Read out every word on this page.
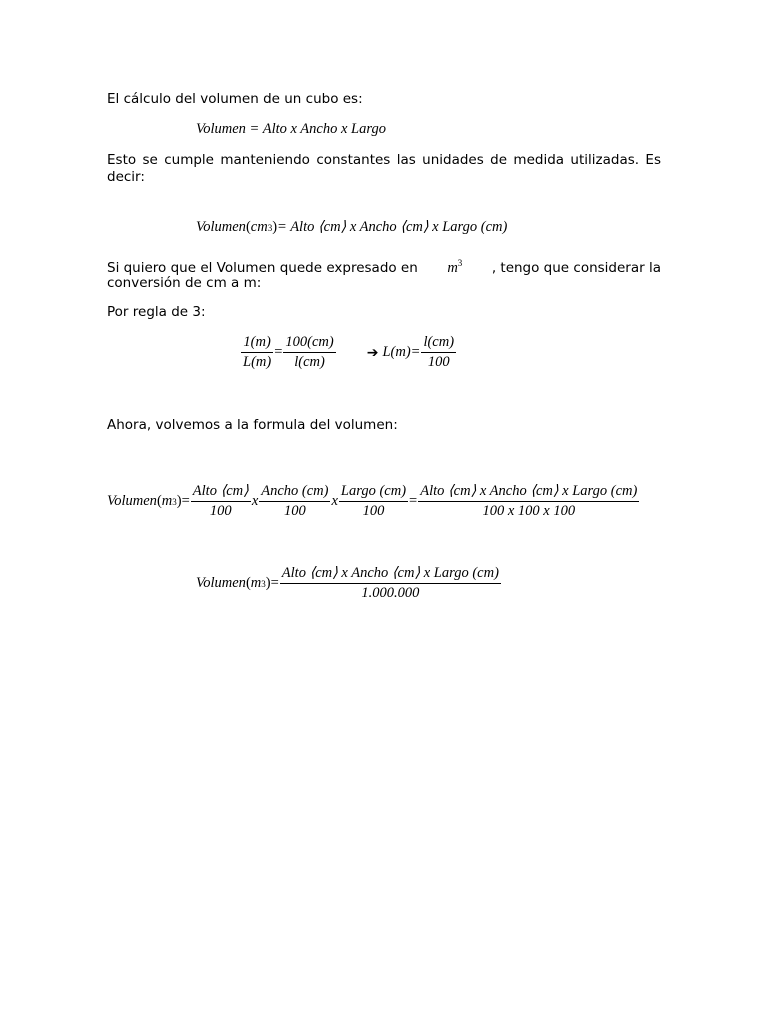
El cálculo del volumen de un cubo es:
Volumen = Alto x Ancho x Largo
Esto se cumple manteniendo constantes las unidades de medida utilizadas. Es
decir:
Volumen ( cm 3 ) = Alto ⟨cm⟩ x Ancho ⟨cm⟩ x Largo (cm)
Si quiero que el Volumen quede expresado en $m^3$ , tengo que considerar la
conversión de cm a m:
Por regla de 3:
$\frac{1(m)}{L(m)} = \frac{100(cm)}{l(cm)}$ ➔ $L(m)= \frac{l(cm)}{100}$
Ahora, volvemos a la formula del volumen:
Volumen ( m 3 ) = $\frac{\text{Alto ⟨cm⟩}}{100}$ x $\frac{\text{Ancho (cm)}}{100}$ x $\frac{\text{Largo (cm)}}{100} = \frac{\text{Alto ⟨cm⟩ x Ancho ⟨cm⟩ x Largo (cm)}}{100 x 100 x 100}$
Volumen ( m 3 ) = $\frac{\text{Alto ⟨cm⟩ x Ancho ⟨cm⟩ x Largo (cm)}}{1.000.000}$
